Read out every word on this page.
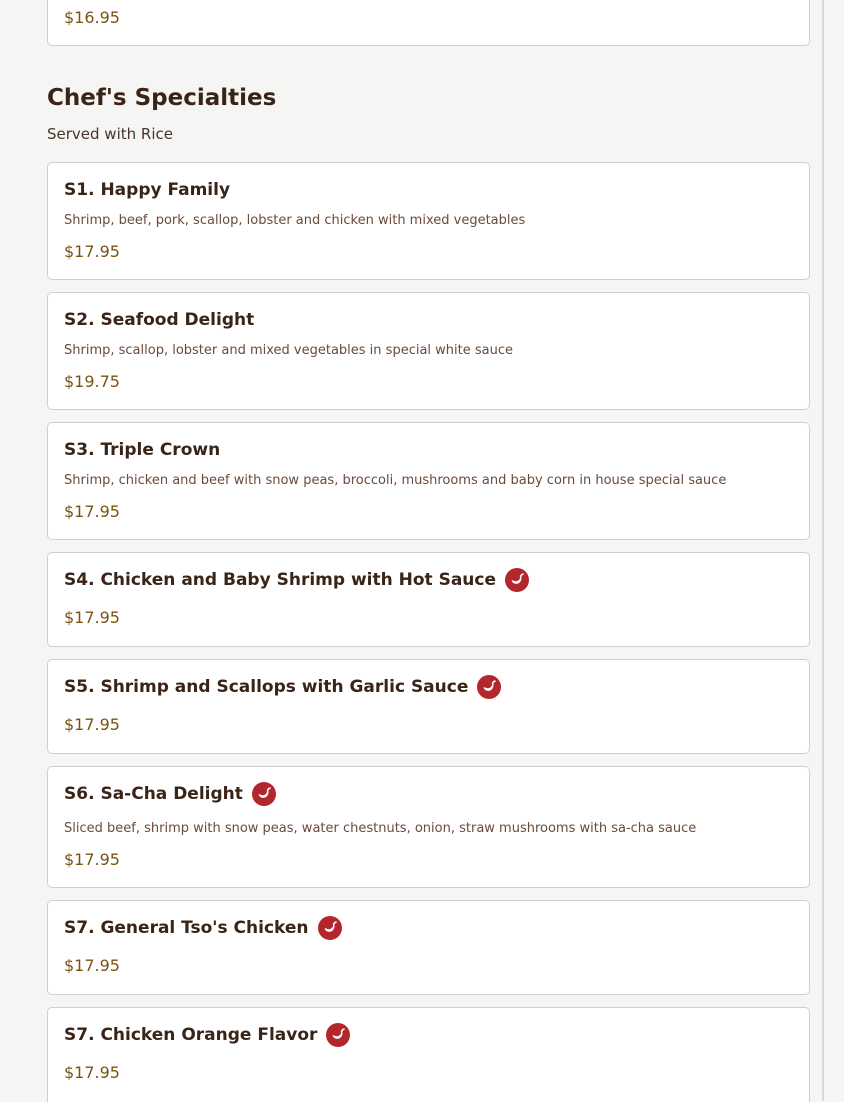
$16.95
Chef's Specialties
Served with Rice
S1. Happy Family
Shrimp, beef, pork, scallop, lobster and chicken with mixed vegetables
$17.95
S2. Seafood Delight
Shrimp, scallop, lobster and mixed vegetables in special white sauce
$19.75
S3. Triple Crown
Shrimp, chicken and beef with snow peas, broccoli, mushrooms and baby corn in house special sauce
$17.95
S4. Chicken and Baby Shrimp with Hot Sauce
$17.95
S5. Shrimp and Scallops with Garlic Sauce
$17.95
S6. Sa-Cha Delight
Sliced beef, shrimp with snow peas, water chestnuts, onion, straw mushrooms with sa-cha sauce
$17.95
S7. General Tso's Chicken
$17.95
S7. Chicken Orange Flavor
$17.95
